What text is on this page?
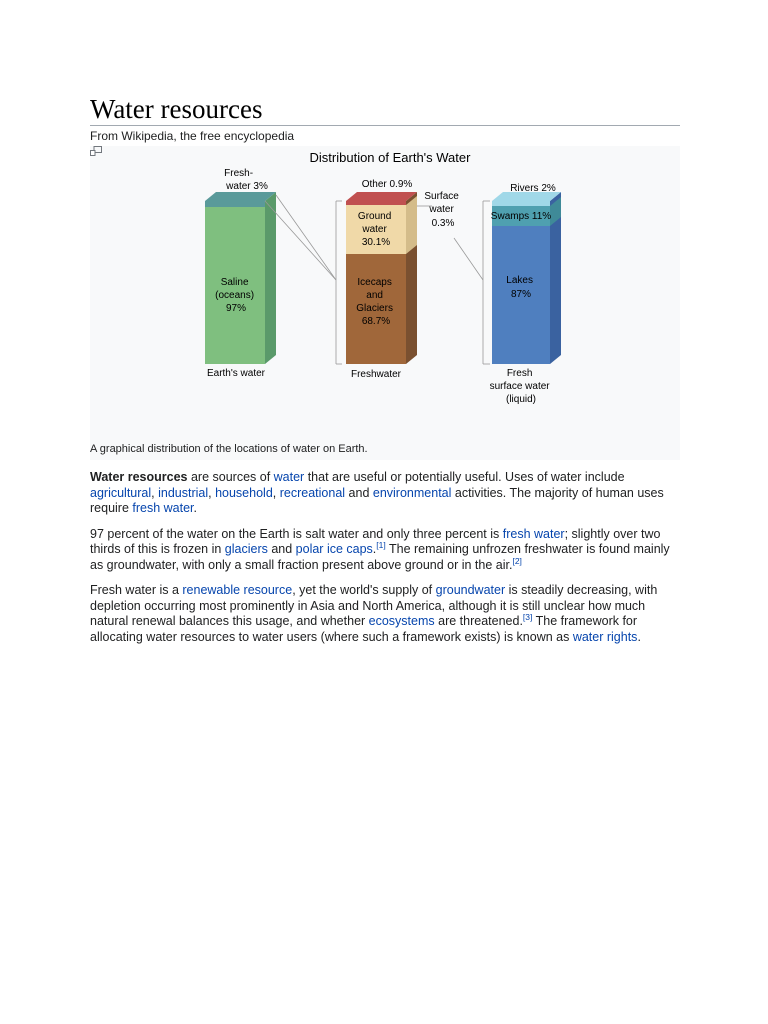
Water resources
From Wikipedia, the free encyclopedia
Distribution of Earth's Water
Fresh- water 3%
Saline (oceans) 97%
Earth's water
Other 0.9%
Ground water 30.1%
Icecaps and Glaciers 68.7%
Freshwater
Surface water 0.3%
Rivers 2%
Swamps 11%
Lakes 87%
Fresh surface water (liquid)
A graphical distribution of the locations of water on Earth.

Water resources are sources of water that are useful or potentially useful. Uses of water include agricultural, industrial, household, recreational and environmental activities. The majority of human uses require fresh water.

97 percent of the water on the Earth is salt water and only three percent is fresh water; slightly over two thirds of this is frozen in glaciers and polar ice caps.[1] The remaining unfrozen freshwater is found mainly as groundwater, with only a small fraction present above ground or in the air.[2]

Fresh water is a renewable resource, yet the world's supply of groundwater is steadily decreasing, with depletion occurring most prominently in Asia and North America, although it is still unclear how much natural renewal balances this usage, and whether ecosystems are threatened.[3] The framework for allocating water resources to water users (where such a framework exists) is known as water rights.
